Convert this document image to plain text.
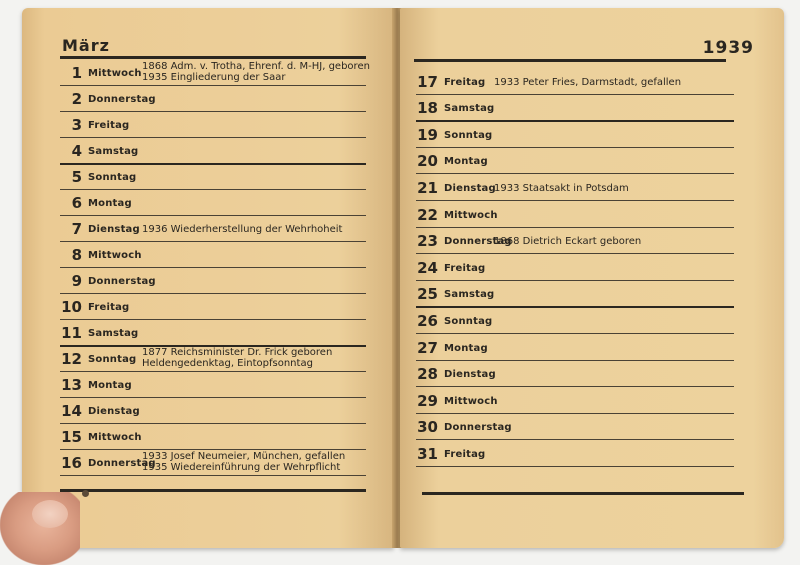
März
1 Mittwoch
1868 Adm. v. Trotha, Ehrenf. d. M-HJ, geboren
1935 Eingliederung der Saar
2 Donnerstag
3 Freitag
4 Samstag
5 Sonntag
6 Montag
7 Dienstag 1936 Wiederherstellung der Wehrhoheit
8 Mittwoch
9 Donnerstag
10 Freitag
11 Samstag
12 Sonntag
1877 Reichsminister Dr. Frick geboren
Heldengedenktag, Eintopfsonntag
13 Montag
14 Dienstag
15 Mittwoch
16 Donnerstag
1933 Josef Neumeier, München, gefallen
1935 Wiedereinführung der Wehrpflicht
1939
17 Freitag 1933 Peter Fries, Darmstadt, gefallen
18 Samstag
19 Sonntag
20 Montag
21 Dienstag
1933 Staatsakt in Potsdam
22 Mittwoch
23 Donnerstag
1868 Dietrich Eckart geboren
24 Freitag
25 Samstag
26 Sonntag
27 Montag
28 Dienstag
29 Mittwoch
30 Donnerstag
31 Freitag
